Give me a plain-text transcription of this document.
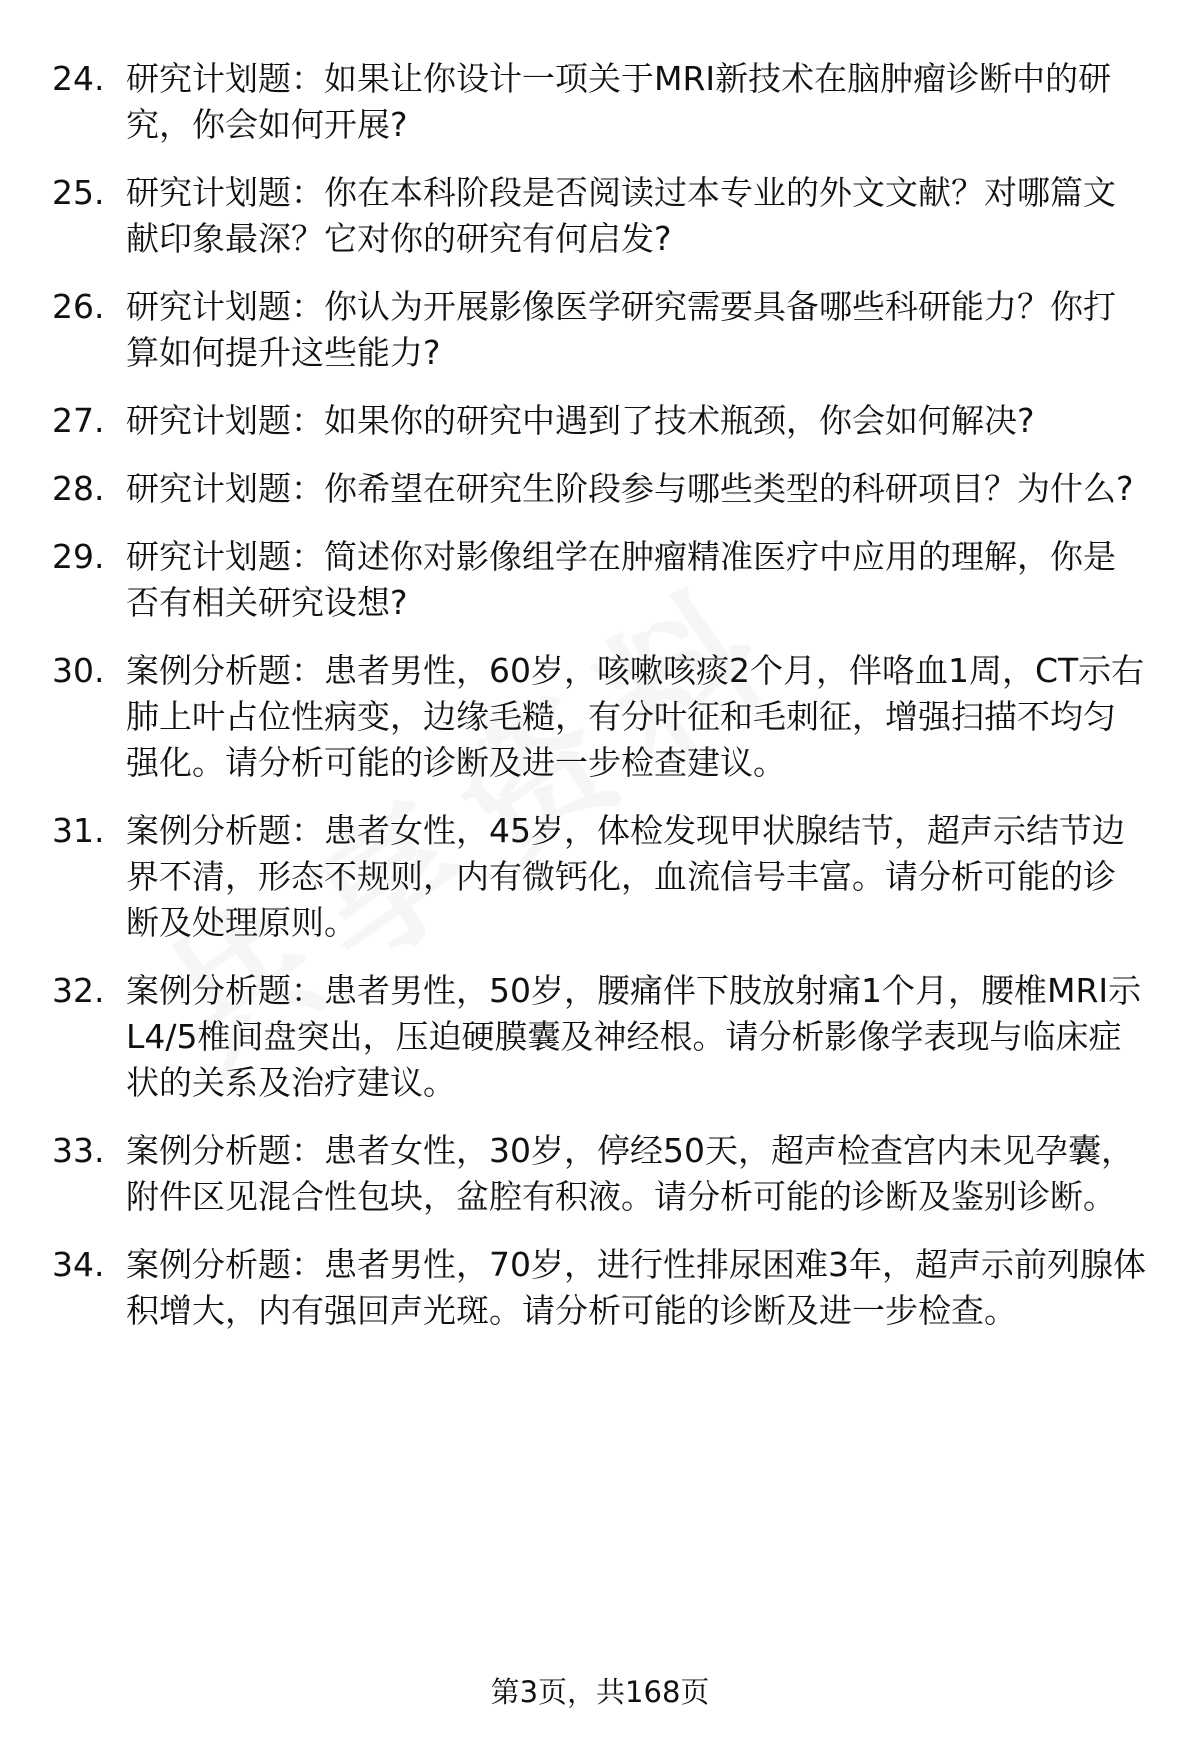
24. 研究计划题：如果让你设计一项关于MRI新技术在脑肿瘤诊断中的研究，你会如何开展?
25. 研究计划题：你在本科阶段是否阅读过本专业的外文文献？对哪篇文献印象最深？它对你的研究有何启发?
26. 研究计划题：你认为开展影像医学研究需要具备哪些科研能力？你打算如何提升这些能力?
27. 研究计划题：如果你的研究中遇到了技术瓶颈，你会如何解决?
28. 研究计划题：你希望在研究生阶段参与哪些类型的科研项目？为什么?
29. 研究计划题：简述你对影像组学在肿瘤精准医疗中应用的理解，你是否有相关研究设想?
30. 案例分析题：患者男性，60岁，咳嗽咳痰2个月，伴咯血1周，CT示右肺上叶占位性病变，边缘毛糙，有分叶征和毛刺征，增强扫描不均匀强化。请分析可能的诊断及进一步检查建议。
31. 案例分析题：患者女性，45岁，体检发现甲状腺结节，超声示结节边界不清，形态不规则，内有微钙化，血流信号丰富。请分析可能的诊断及处理原则。
32. 案例分析题：患者男性，50岁，腰痛伴下肢放射痛1个月，腰椎MRI示L4/5椎间盘突出，压迫硬膜囊及神经根。请分析影像学表现与临床症状的关系及治疗建议。
33. 案例分析题：患者女性，30岁，停经50天，超声检查宫内未见孕囊，附件区见混合性包块，盆腔有积液。请分析可能的诊断及鉴别诊断。
34. 案例分析题：患者男性，70岁，进行性排尿困难3年，超声示前列腺体积增大，内有强回声光斑。请分析可能的诊断及进一步检查。
第3页，共168页
